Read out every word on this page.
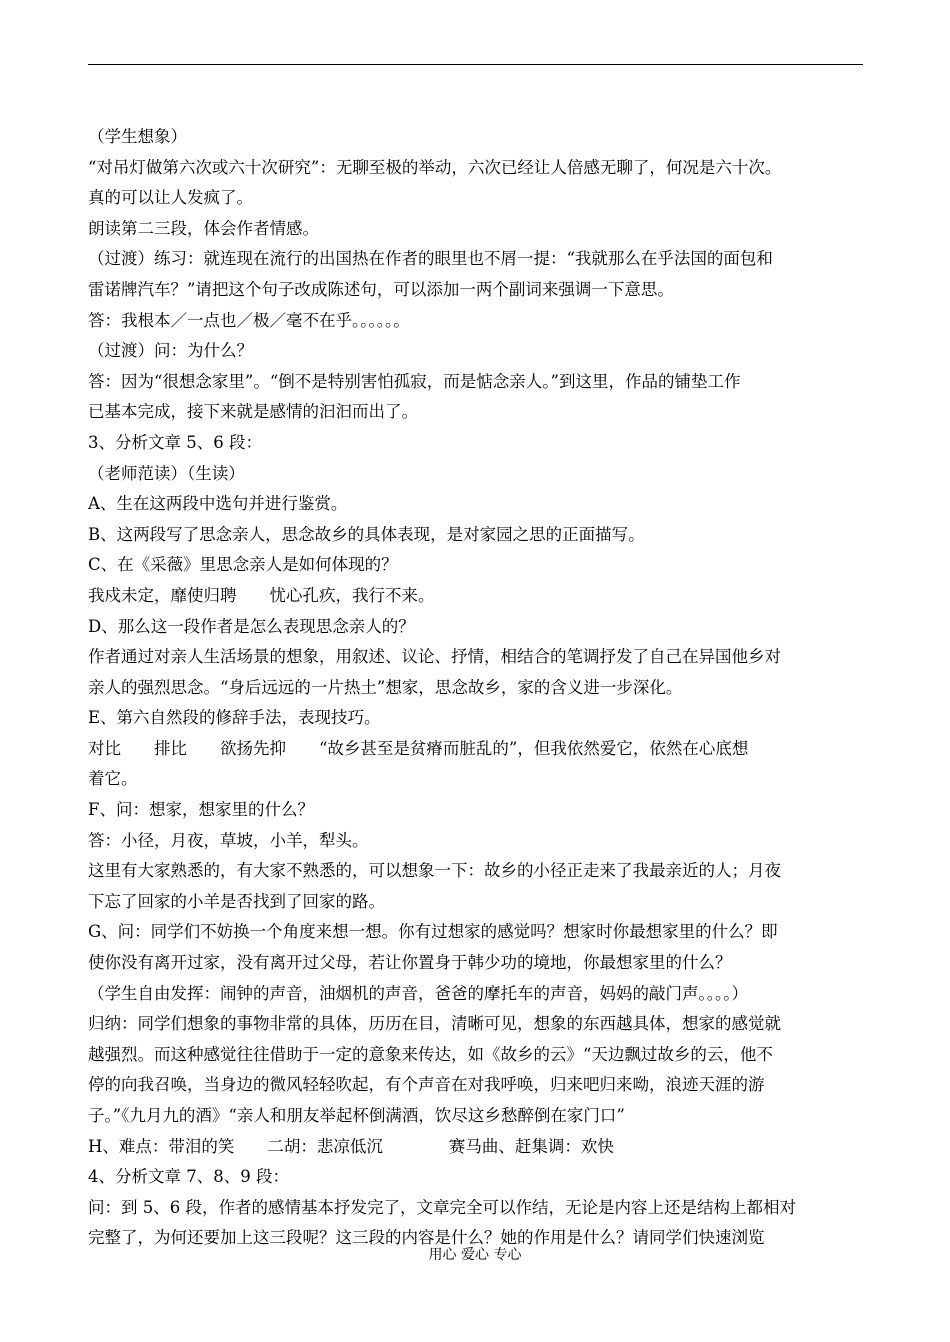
（学生想象）
“对吊灯做第六次或六十次研究”：无聊至极的举动，六次已经让人倍感无聊了，何况是六十次。
真的可以让人发疯了。
朗读第二三段，体会作者情感。
（过渡）练习：就连现在流行的出国热在作者的眼里也不屑一提：“我就那么在乎法国的面包和
雷诺牌汽车？”请把这个句子改成陈述句，可以添加一两个副词来强调一下意思。
答：我根本／一点也／极／毫不在乎。。。。。。
（过渡）问：为什么？
答：因为“很想念家里”。“倒不是特别害怕孤寂，而是惦念亲人。”到这里，作品的铺垫工作
已基本完成，接下来就是感情的汩汩而出了。
3、分析文章 5、6 段：
（老师范读）（生读）
A、生在这两段中选句并进行鉴赏。
B、这两段写了思念亲人，思念故乡的具体表现，是对家园之思的正面描写。
C、在《采薇》里思念亲人是如何体现的？
我戍未定，靡使归聘　　忧心孔疚，我行不来。
D、那么这一段作者是怎么表现思念亲人的？
作者通过对亲人生活场景的想象，用叙述、议论、抒情，相结合的笔调抒发了自己在异国他乡对
亲人的强烈思念。“身后远远的一片热土”想家，思念故乡，家的含义进一步深化。
E、第六自然段的修辞手法，表现技巧。
对比　　排比　　欲扬先抑　　“故乡甚至是贫瘠而脏乱的”，但我依然爱它，依然在心底想
着它。
F、问：想家，想家里的什么？
答：小径，月夜，草坡，小羊，犁头。
这里有大家熟悉的，有大家不熟悉的，可以想象一下：故乡的小径正走来了我最亲近的人；月夜
下忘了回家的小羊是否找到了回家的路。
G、问：同学们不妨换一个角度来想一想。你有过想家的感觉吗？想家时你最想家里的什么？即
使你没有离开过家，没有离开过父母，若让你置身于韩少功的境地，你最想家里的什么？
（学生自由发挥：闹钟的声音，油烟机的声音，爸爸的摩托车的声音，妈妈的敲门声。。。。）
归纳：同学们想象的事物非常的具体，历历在目，清晰可见，想象的东西越具体，想家的感觉就
越强烈。而这种感觉往往借助于一定的意象来传达，如《故乡的云》“天边飘过故乡的云，他不
停的向我召唤，当身边的微风轻轻吹起，有个声音在对我呼唤，归来吧归来呦，浪迹天涯的游
子。”《九月九的酒》“亲人和朋友举起杯倒满酒，饮尽这乡愁醉倒在家门口”
H、难点：带泪的笑　　二胡：悲凉低沉　　　　赛马曲、赶集调：欢快
4、分析文章 7、8、9 段：
问：到 5、6 段，作者的感情基本抒发完了，文章完全可以作结，无论是内容上还是结构上都相对
完整了，为何还要加上这三段呢？这三段的内容是什么？她的作用是什么？请同学们快速浏览
用心 爱心 专心
